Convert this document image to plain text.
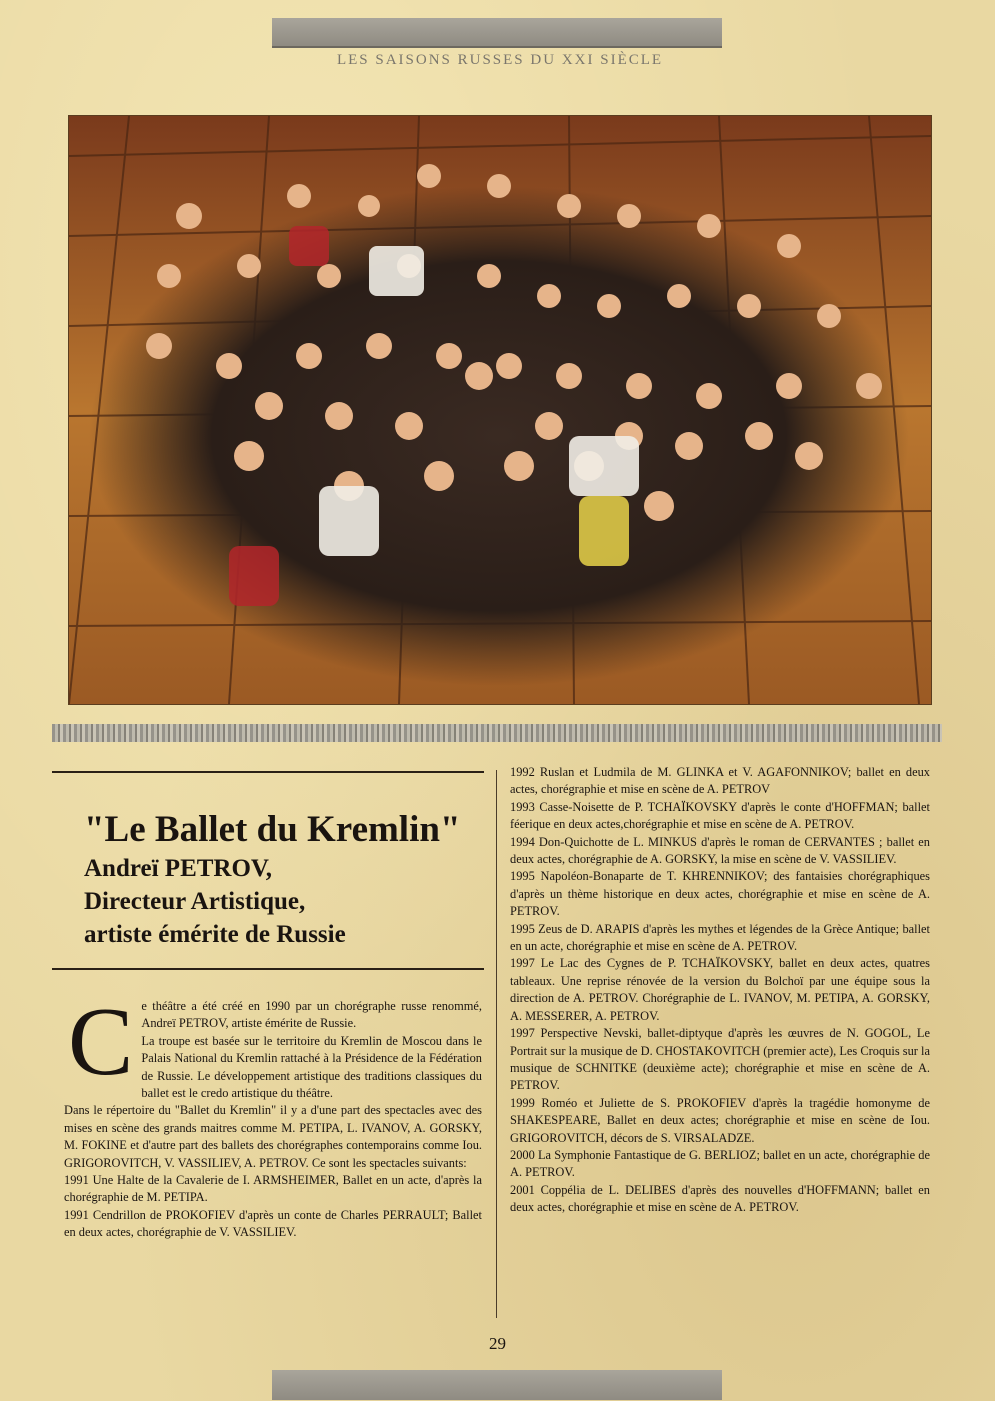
LES SAISONS RUSSES DU XXI SIÈCLE
"Le Ballet du Kremlin"
Andreï PETROV,
Directeur Artistique,
artiste émérite de Russie
C e théâtre a été créé en 1990 par un chorégraphe russe renommé, Andreï PETROV, artiste émérite de Russie.

La troupe est basée sur le territoire du Kremlin de Moscou dans le Palais National du Kremlin rattaché à la Présidence de la Fédération de Russie. Le développement artistique des traditions classiques du ballet est le credo artistique du théâtre.

Dans le répertoire du "Ballet du Kremlin" il y a d'une part des spectacles avec des mises en scène des grands maitres comme M. PETIPA, L. IVANOV, A. GORSKY, M. FOKINE et d'autre part des ballets des chorégraphes contemporains comme Iou. GRIGOROVITCH, V. VASSILIEV, A. PETROV. Ce sont les spectacles suivants:

1991 Une Halte de la Cavalerie de I. ARMSHEIMER, Ballet en un acte, d'après la chorégraphie de M. PETIPA.

1991 Cendrillon de PROKOFIEV d'après un conte de Charles PERRAULT; Ballet en deux actes, chorégraphie de V. VASSILIEV.

1992 Ruslan et Ludmila de M. GLINKA et V. AGAFONNIKOV; ballet en deux actes, chorégraphie et mise en scène de A. PETROV

1993 Casse-Noisette de P. TCHAÏKOVSKY d'après le conte d'HOFFMAN; ballet féerique en deux actes,chorégraphie et mise en scène de A. PETROV.

1994 Don-Quichotte de L. MINKUS d'après le roman de CERVANTES ; ballet en deux actes, chorégraphie de A. GORSKY, la mise en scène de V. VASSILIEV.

1995 Napoléon-Bonaparte de T. KHRENNIKOV; des fantaisies chorégraphiques d'après un thème historique en deux actes, chorégraphie et mise en scène de A. PETROV.

1995 Zeus de D. ARAPIS d'après les mythes et légendes de la Grèce Antique; ballet en un acte, chorégraphie et mise en scène de A. PETROV.

1997 Le Lac des Cygnes de P. TCHAÏKOVSKY, ballet en deux actes, quatres tableaux. Une reprise rénovée de la version du Bolchoï par une équipe sous la direction de A. PETROV. Chorégraphie de L. IVANOV, M. PETIPA, A. GORSKY, A. MESSERER, A. PETROV.

1997 Perspective Nevski, ballet-diptyque d'après les œuvres de N. GOGOL, Le Portrait sur la musique de D. CHOSTAKOVITCH (premier acte), Les Croquis sur la musique de SCHNITKE (deuxième acte); chorégraphie et mise en scène de A. PETROV.

1999 Roméo et Juliette de S. PROKOFIEV d'après la tragédie homonyme de SHAKESPEARE, Ballet en deux actes; chorégraphie et mise en scène de Iou. GRIGOROVITCH, décors de S. VIRSALADZE.

2000 La Symphonie Fantastique de G. BERLIOZ; ballet en un acte, chorégraphie de A. PETROV.

2001 Coppélia de L. DELIBES d'après des nouvelles d'HOFFMANN; ballet en deux actes, chorégraphie et mise en scène de A. PETROV.

29
